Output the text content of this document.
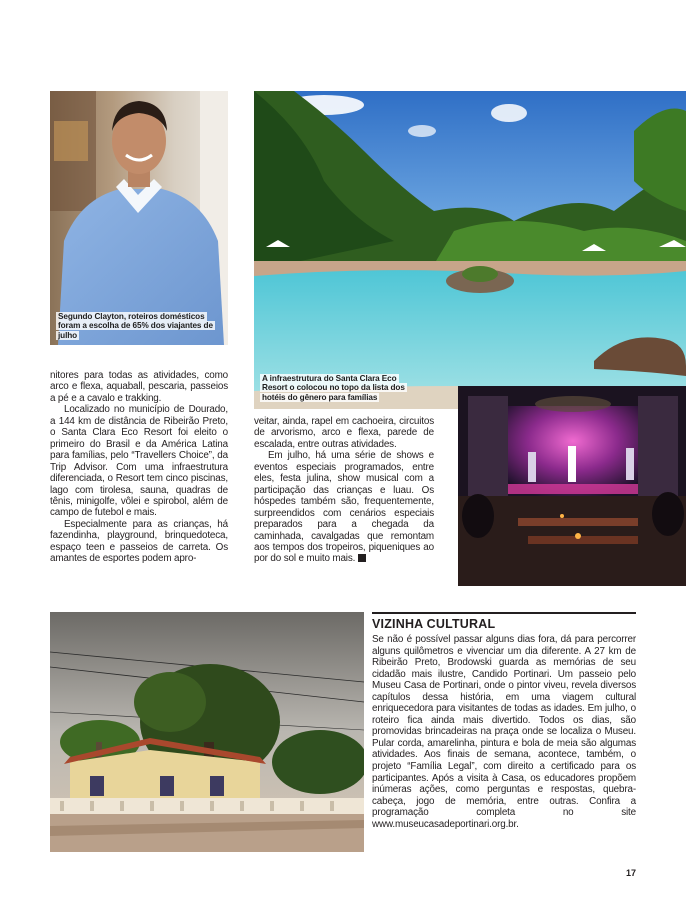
Segundo Clayton, roteiros domésticos foram a escolha de 65% dos viajantes de julho
A infraestrutura do Santa Clara Eco Resort o colocou no topo da lista dos hotéis do gênero para famílias

nitores para todas as atividades, como arco e flexa, aquaball, pescaria, passeios a pé e a cavalo e trakking.

Localizado no município de Dourado, a 144 km de distância de Ribeirão Preto, o Santa Clara Eco Resort foi eleito o primeiro do Brasil e da América Latina para famílias, pelo “Travellers Choice”, da Trip Advisor. Com uma infraestrutura diferenciada, o Resort tem cinco piscinas, lago com tirolesa, sauna, quadras de tênis, minigolfe, vôlei e spirobol, além de campo de futebol e mais.

Especialmente para as crianças, há fazendinha, playground, brinquedoteca, espaço teen e passeios de carreta. Os amantes de esportes podem apro-

veitar, ainda, rapel em cachoeira, circuitos de arvorismo, arco e flexa, parede de escalada, entre outras atividades.

Em julho, há uma série de shows e eventos especiais programados, entre eles, festa julina, show musical com a participação das crianças e luau. Os hóspedes também são, frequentemente, surpreendidos com cenários especiais preparados para a chegada da caminhada, cavalgadas que remontam aos tempos dos tropeiros, piqueniques ao por do sol e muito mais.

VIZINHA CULTURAL

Se não é possível passar alguns dias fora, dá para percorrer alguns quilômetros e vivenciar um dia diferente. A 27 km de Ribeirão Preto, Brodowski guarda as memórias de seu cidadão mais ilustre, Candido Portinari. Um passeio pelo Museu Casa de Portinari, onde o pintor viveu, revela diversos capítulos dessa história, em uma viagem cultural enriquecedora para visitantes de todas as idades. Em julho, o roteiro fica ainda mais divertido. Todos os dias, são promovidas brincadeiras na praça onde se localiza o Museu. Pular corda, amarelinha, pintura e bola de meia são algumas atividades. Aos finais de semana, acontece, também, o projeto “Família Legal”, com direito a certificado para os participantes. Após a visita à Casa, os educadores propõem inúmeras ações, como perguntas e respostas, quebra-cabeça, jogo de memória, entre outras. Confira a programação completa no site www.museucasadeportinari.org.br.

17
